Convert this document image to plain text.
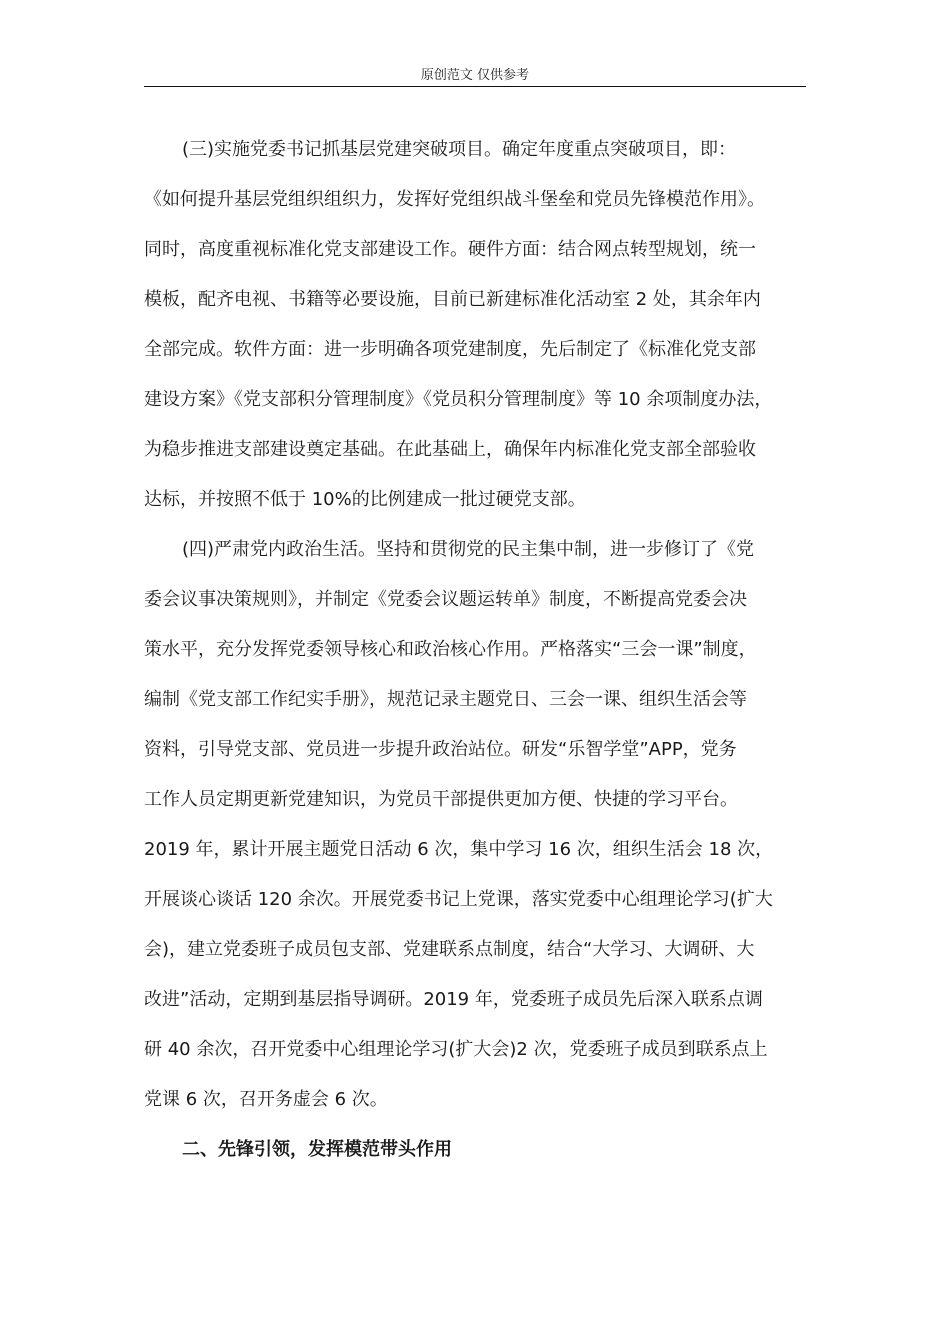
原创范文 仅供参考
(三)实施党委书记抓基层党建突破项目。确定年度重点突破项目，即：
《如何提升基层党组织组织力，发挥好党组织战斗堡垒和党员先锋模范作用》。
同时，高度重视标准化党支部建设工作。硬件方面：结合网点转型规划，统一
模板，配齐电视、书籍等必要设施，目前已新建标准化活动室 2 处，其余年内
全部完成。软件方面：进一步明确各项党建制度，先后制定了《标准化党支部
建设方案》《党支部积分管理制度》《党员积分管理制度》等 10 余项制度办法，
为稳步推进支部建设奠定基础。在此基础上，确保年内标准化党支部全部验收
达标，并按照不低于 10%的比例建成一批过硬党支部。
(四)严肃党内政治生活。坚持和贯彻党的民主集中制，进一步修订了《党
委会议事决策规则》，并制定《党委会议题运转单》制度，不断提高党委会决
策水平，充分发挥党委领导核心和政治核心作用。严格落实“三会一课”制度，
编制《党支部工作纪实手册》，规范记录主题党日、三会一课、组织生活会等
资料，引导党支部、党员进一步提升政治站位。研发“乐智学堂”APP，党务
工作人员定期更新党建知识，为党员干部提供更加方便、快捷的学习平台。
2019 年，累计开展主题党日活动 6 次，集中学习 16 次，组织生活会 18 次，
开展谈心谈话 120 余次。开展党委书记上党课，落实党委中心组理论学习(扩大
会)，建立党委班子成员包支部、党建联系点制度，结合“大学习、大调研、大
改进”活动，定期到基层指导调研。2019 年，党委班子成员先后深入联系点调
研 40 余次，召开党委中心组理论学习(扩大会)2 次，党委班子成员到联系点上
党课 6 次，召开务虚会 6 次。
二、先锋引领，发挥模范带头作用
